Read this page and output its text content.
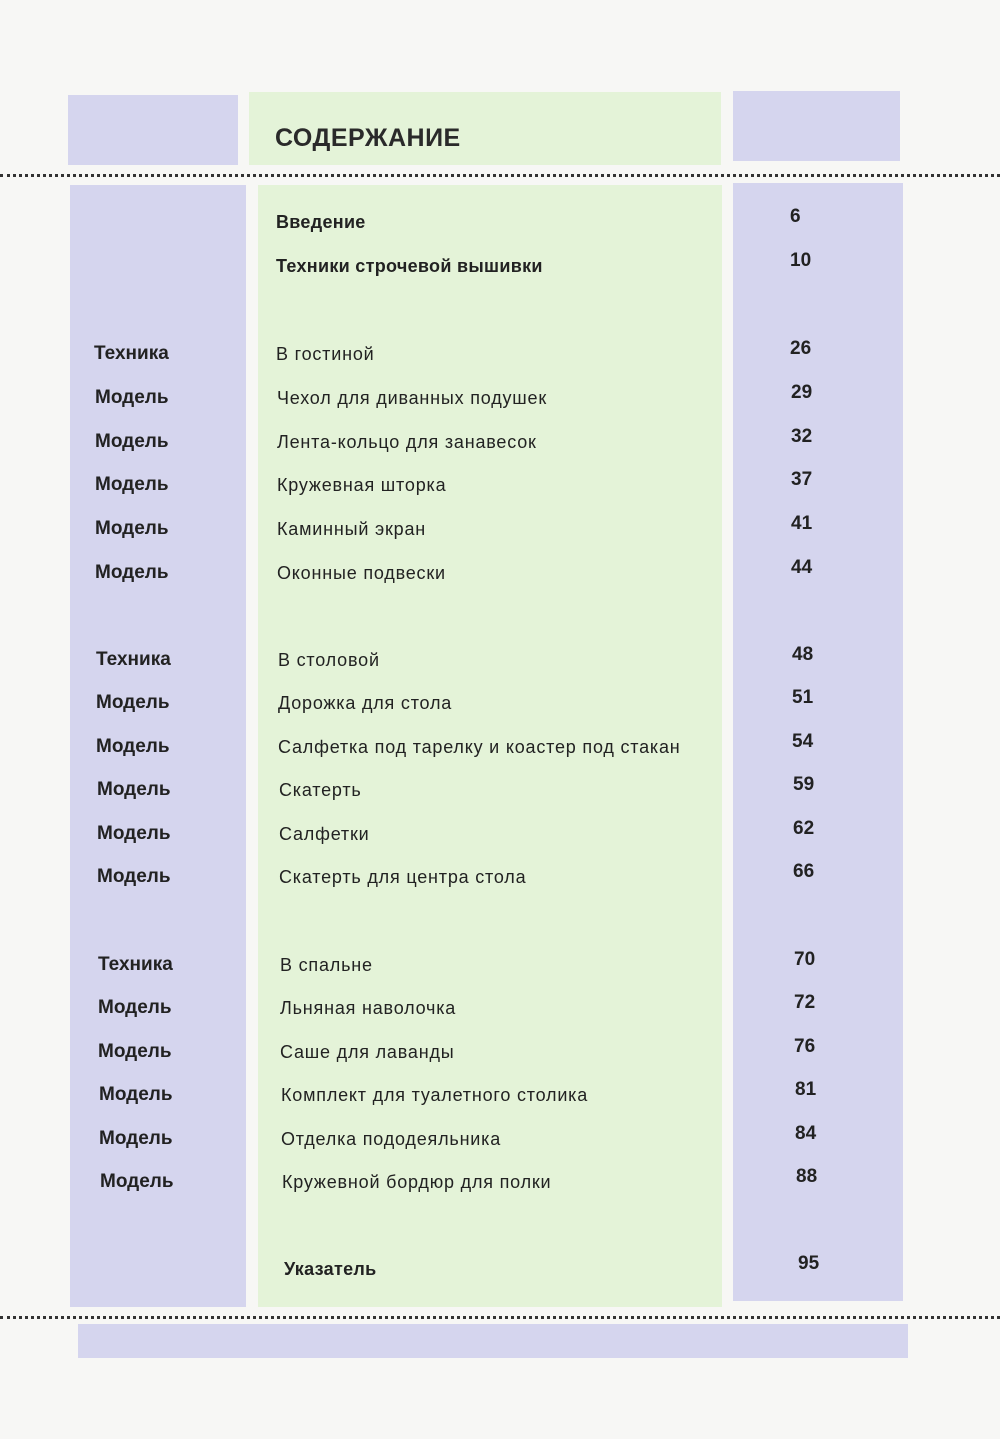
СОДЕРЖАНИЕ
Введение	6
Техники строчевой вышивки	10
Техника	В гостиной	26
Модель	Чехол для диванных подушек	29
Модель	Лента-кольцо для занавесок	32
Модель	Кружевная шторка	37
Модель	Каминный экран	41
Модель	Оконные подвески	44
Техника	В столовой	48
Модель	Дорожка для стола	51
Модель	Салфетка под тарелку и коастер под стакан	54
Модель	Скатерть	59
Модель	Салфетки	62
Модель	Скатерть для центра стола	66
Техника	В спальне	70
Модель	Льняная наволочка	72
Модель	Саше для лаванды	76
Модель	Комплект для туалетного столика	81
Модель	Отделка пододеяльника	84
Модель	Кружевной бордюр для полки	88
Указатель	95
